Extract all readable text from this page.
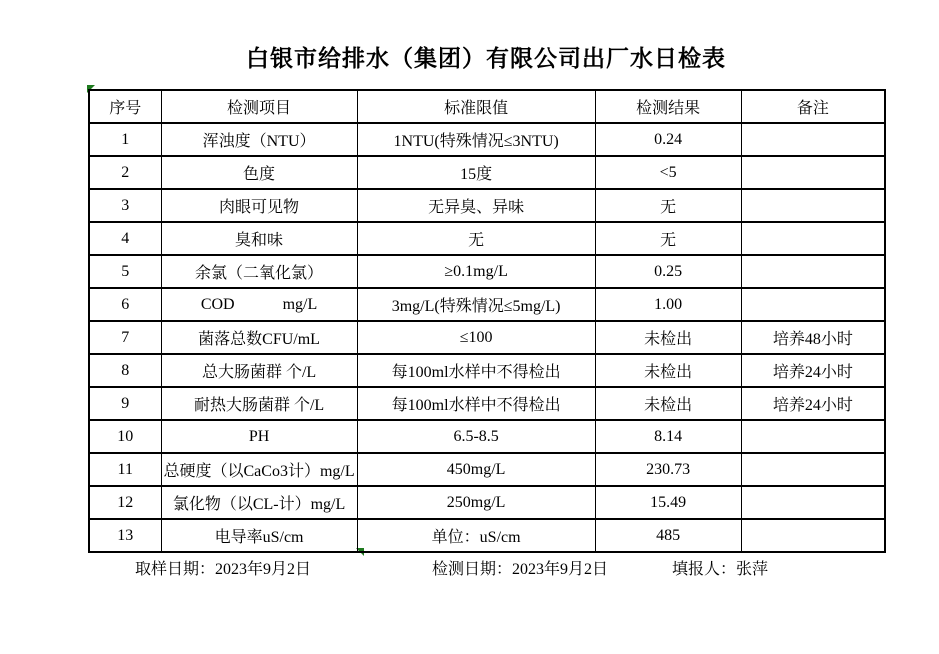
白银市给排水（集团）有限公司出厂水日检表
序号	检测项目	标准限值	检测结果	备注
1	浑浊度（NTU）	1NTU(特殊情况≤3NTU)	0.24	
2	色度	15度	<5	
3	肉眼可见物	无异臭、异味	无	
4	臭和味	无	无	
5	余氯（二氧化氯）	≥0.1mg/L	0.25	
6	COD            mg/L	3mg/L(特殊情况≤5mg/L)	1.00	
7	菌落总数CFU/mL	≤100	未检出	培养48小时
8	总大肠菌群 个/L	每100ml水样中不得检出	未检出	培养24小时
9	耐热大肠菌群 个/L	每100ml水样中不得检出	未检出	培养24小时
10	PH	6.5-8.5	8.14	
11	总硬度（以CaCo3计）mg/L	450mg/L	230.73	
12	氯化物（以CL-计）mg/L	250mg/L	15.49	
13	电导率uS/cm	单位：uS/cm	485	
取样日期：2023年9月2日	检测日期：2023年9月2日	填报人：张萍
